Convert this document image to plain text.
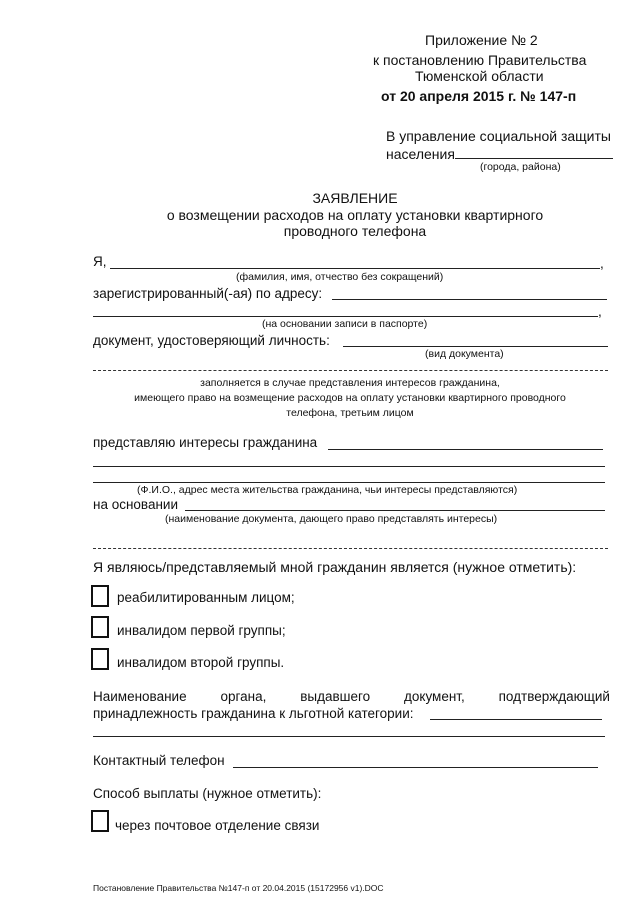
Приложение № 2
к постановлению Правительства
Тюменской области
от 20 апреля 2015 г. № 147-п
В управление социальной защиты
населения
(города, района)
ЗАЯВЛЕНИЕ
о возмещении расходов на оплату установки квартирного
проводного телефона
Я,	,
(фамилия, имя, отчество без сокращений)
зарегистрированный(-ая) по адресу:
,
(на основании записи в паспорте)
документ, удостоверяющий личность:
(вид документа)
заполняется в случае представления интересов гражданина,
имеющего право на возмещение расходов на оплату установки квартирного проводного
телефона, третьим лицом
представляю интересы гражданина
(Ф.И.О., адрес места жительства гражданина, чьи интересы представляются)
на основании
(наименование документа, дающего право представлять интересы)
Я являюсь/представляемый мной гражданин является (нужное отметить):
реабилитированным лицом;
инвалидом первой группы;
инвалидом второй группы.
Наименование	органа,	выдавшего	документ,	подтверждающий
принадлежность гражданина к льготной категории:
Контактный телефон
Способ выплаты (нужное отметить):
через почтовое отделение связи
Постановление Правительства №147-п от 20.04.2015 (15172956 v1).DOC
